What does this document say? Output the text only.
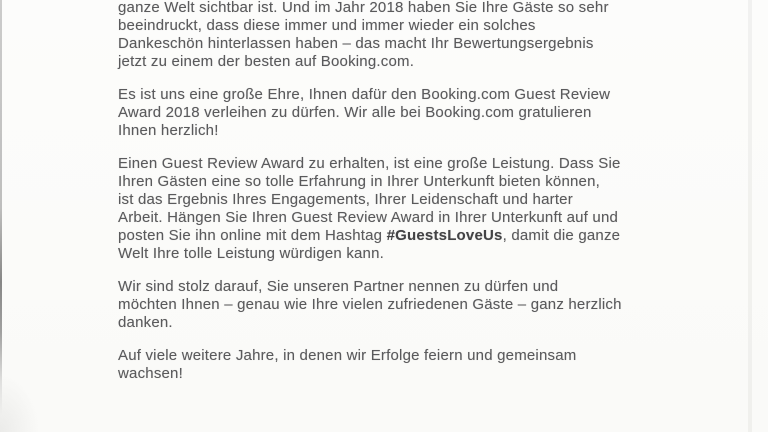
ganze Welt sichtbar ist. Und im Jahr 2018 haben Sie Ihre Gäste so sehr
beeindruckt, dass diese immer und immer wieder ein solches
Dankeschön hinterlassen haben – das macht Ihr Bewertungsergebnis
jetzt zu einem der besten auf Booking.com.

Es ist uns eine große Ehre, Ihnen dafür den Booking.com Guest Review
Award 2018 verleihen zu dürfen. Wir alle bei Booking.com gratulieren
Ihnen herzlich!

Einen Guest Review Award zu erhalten, ist eine große Leistung. Dass Sie
Ihren Gästen eine so tolle Erfahrung in Ihrer Unterkunft bieten können,
ist das Ergebnis Ihres Engagements, Ihrer Leidenschaft und harter
Arbeit. Hängen Sie Ihren Guest Review Award in Ihrer Unterkunft auf und
posten Sie ihn online mit dem Hashtag #GuestsLoveUs, damit die ganze
Welt Ihre tolle Leistung würdigen kann.

Wir sind stolz darauf, Sie unseren Partner nennen zu dürfen und
möchten Ihnen – genau wie Ihre vielen zufriedenen Gäste – ganz herzlich
danken.

Auf viele weitere Jahre, in denen wir Erfolge feiern und gemeinsam
wachsen!
